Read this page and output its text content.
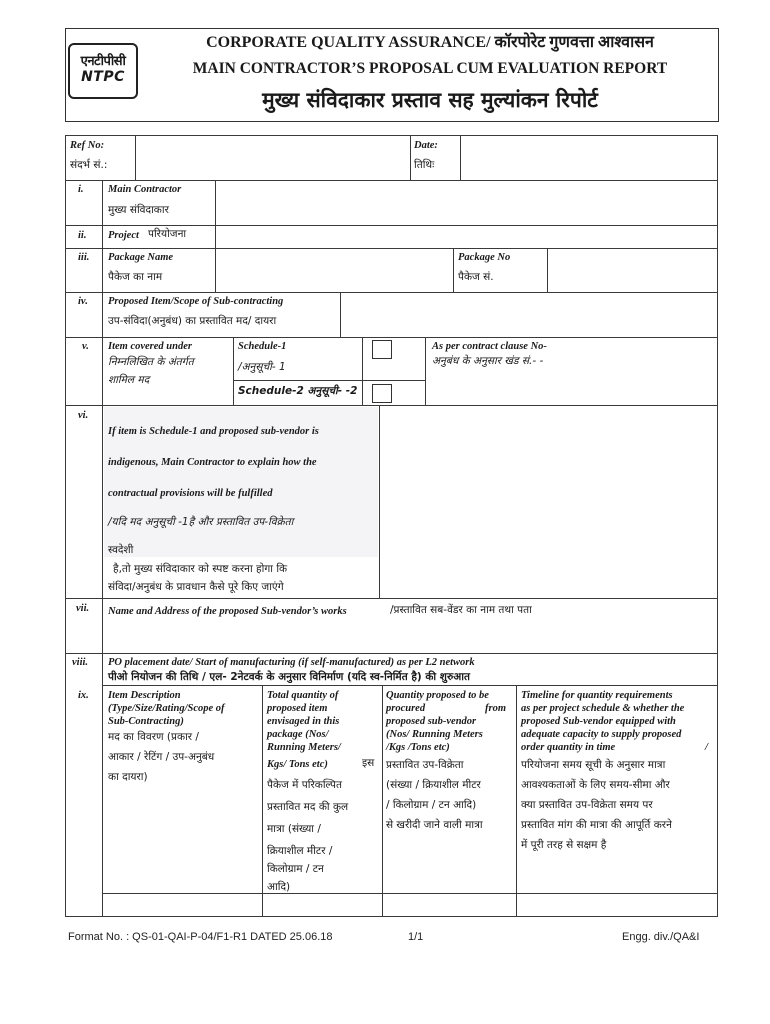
एनटीपीसी
NTPC
CORPORATE QUALITY ASSURANCE/ कॉरपोरेट गुणवत्ता आश्वासन
MAIN CONTRACTOR’S PROPOSAL CUM EVALUATION REPORT
मुख्य संविदाकार प्रस्ताव सह मुल्यांकन रिपोर्ट
Ref No:
संदर्भ सं.:
Date:
तिथिः
i. Main Contractor
मुख्य संविदाकार
ii. Project परियोजना
iii. Package Name
पैकेज का नाम
Package No
पैकेज सं.
iv. Proposed Item/Scope of Sub-contracting
उप-संविदा(अनुबंध) का प्रस्तावित मद/ दायरा
v. Item covered under
निम्नलिखित के अंतर्गत
शामिल मद
Schedule-1
/अनुसूची- 1
Schedule-2 अनुसूची- -2
As per contract clause No-
अनुबंध के अनुसार खंड सं.- -
vi.
If item is Schedule-1 and proposed sub-vendor is
indigenous, Main Contractor to explain how the
contractual provisions will be fulfilled
/यदि मद अनुसूची -1है और प्रस्तावित उप-विक्रेता
स्वदेशी
है,तो मुख्य संविदाकार को स्पष्ट करना होगा कि
संविदा/अनुबंध के प्रावधान कैसे पूरे किए जाएंगे
vii. Name and Address of the proposed Sub-vendor’s works	/प्रस्तावित सब-वेंडर का नाम तथा पता
viii. PO placement date/ Start of manufacturing (if self-manufactured) as per L2 network
पीओ नियोजन की तिथि / एल- 2नेटवर्क के अनुसार विनिर्माण (यदि स्व-निर्मित है) की शुरुआत
ix. Item Description
(Type/Size/Rating/Scope of
Sub-Contracting)
मद का विवरण (प्रकार /
आकार / रेटिंग / उप-अनुबंध
का दायरा)
Total quantity of
proposed item
envisaged in this
package (Nos/
Running Meters/
Kgs/ Tons etc)	इस
पैकेज में परिकल्पित
प्रस्तावित मद की कुल
मात्रा (संख्या /
क्रियाशील मीटर /
किलोग्राम / टन
आदि)
Quantity proposed to be
procured	from
proposed sub-vendor
(Nos/ Running Meters
/Kgs /Tons etc)
प्रस्तावित उप-विक्रेता
(संख्या / क्रियाशील मीटर
/ किलोग्राम / टन आदि)
से खरीदी जाने वाली मात्रा
Timeline for quantity requirements
as per project schedule & whether the
proposed Sub-vendor equipped with
adequate capacity to supply proposed
order quantity in time	/
परियोजना समय सूची के अनुसार मात्रा
आवश्यकताओं के लिए समय-सीमा और
क्या प्रस्तावित उप-विक्रेता समय पर
प्रस्तावित मांग की मात्रा की आपूर्ति करने
में पूरी तरह से सक्षम है
Format No. : QS-01-QAI-P-04/F1-R1 DATED 25.06.18	1/1	Engg. div./QA&I
